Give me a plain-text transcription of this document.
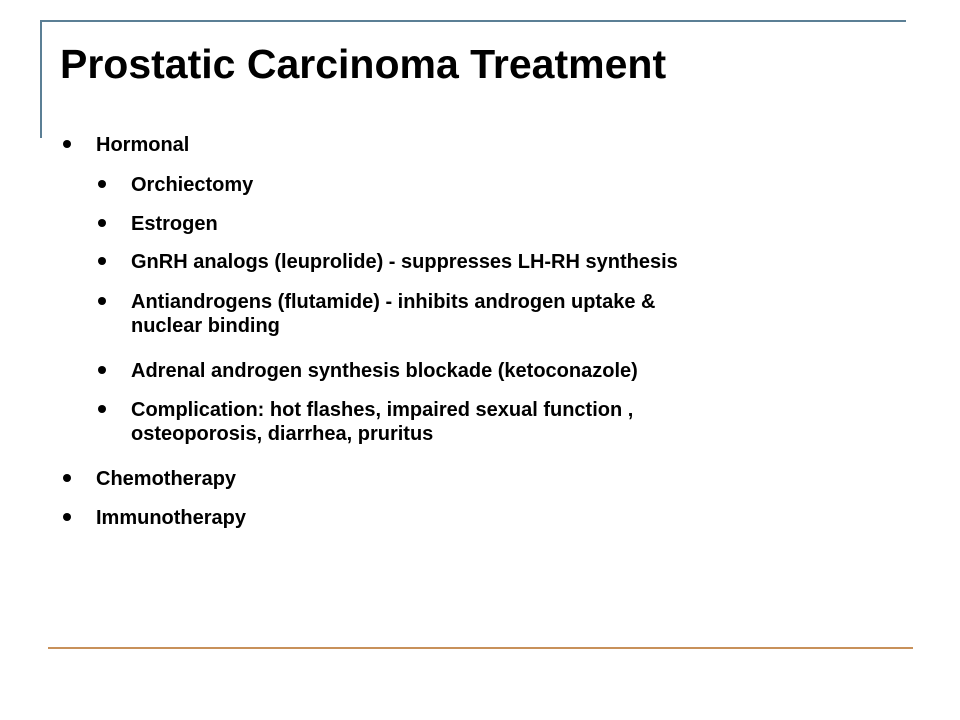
Prostatic Carcinoma Treatment
Hormonal
Orchiectomy
Estrogen
GnRH analogs (leuprolide) - suppresses LH-RH synthesis
Antiandrogens (flutamide) - inhibits androgen uptake &
nuclear binding
Adrenal androgen synthesis blockade (ketoconazole)
Complication: hot flashes, impaired sexual function ,
osteoporosis, diarrhea, pruritus
Chemotherapy
Immunotherapy
